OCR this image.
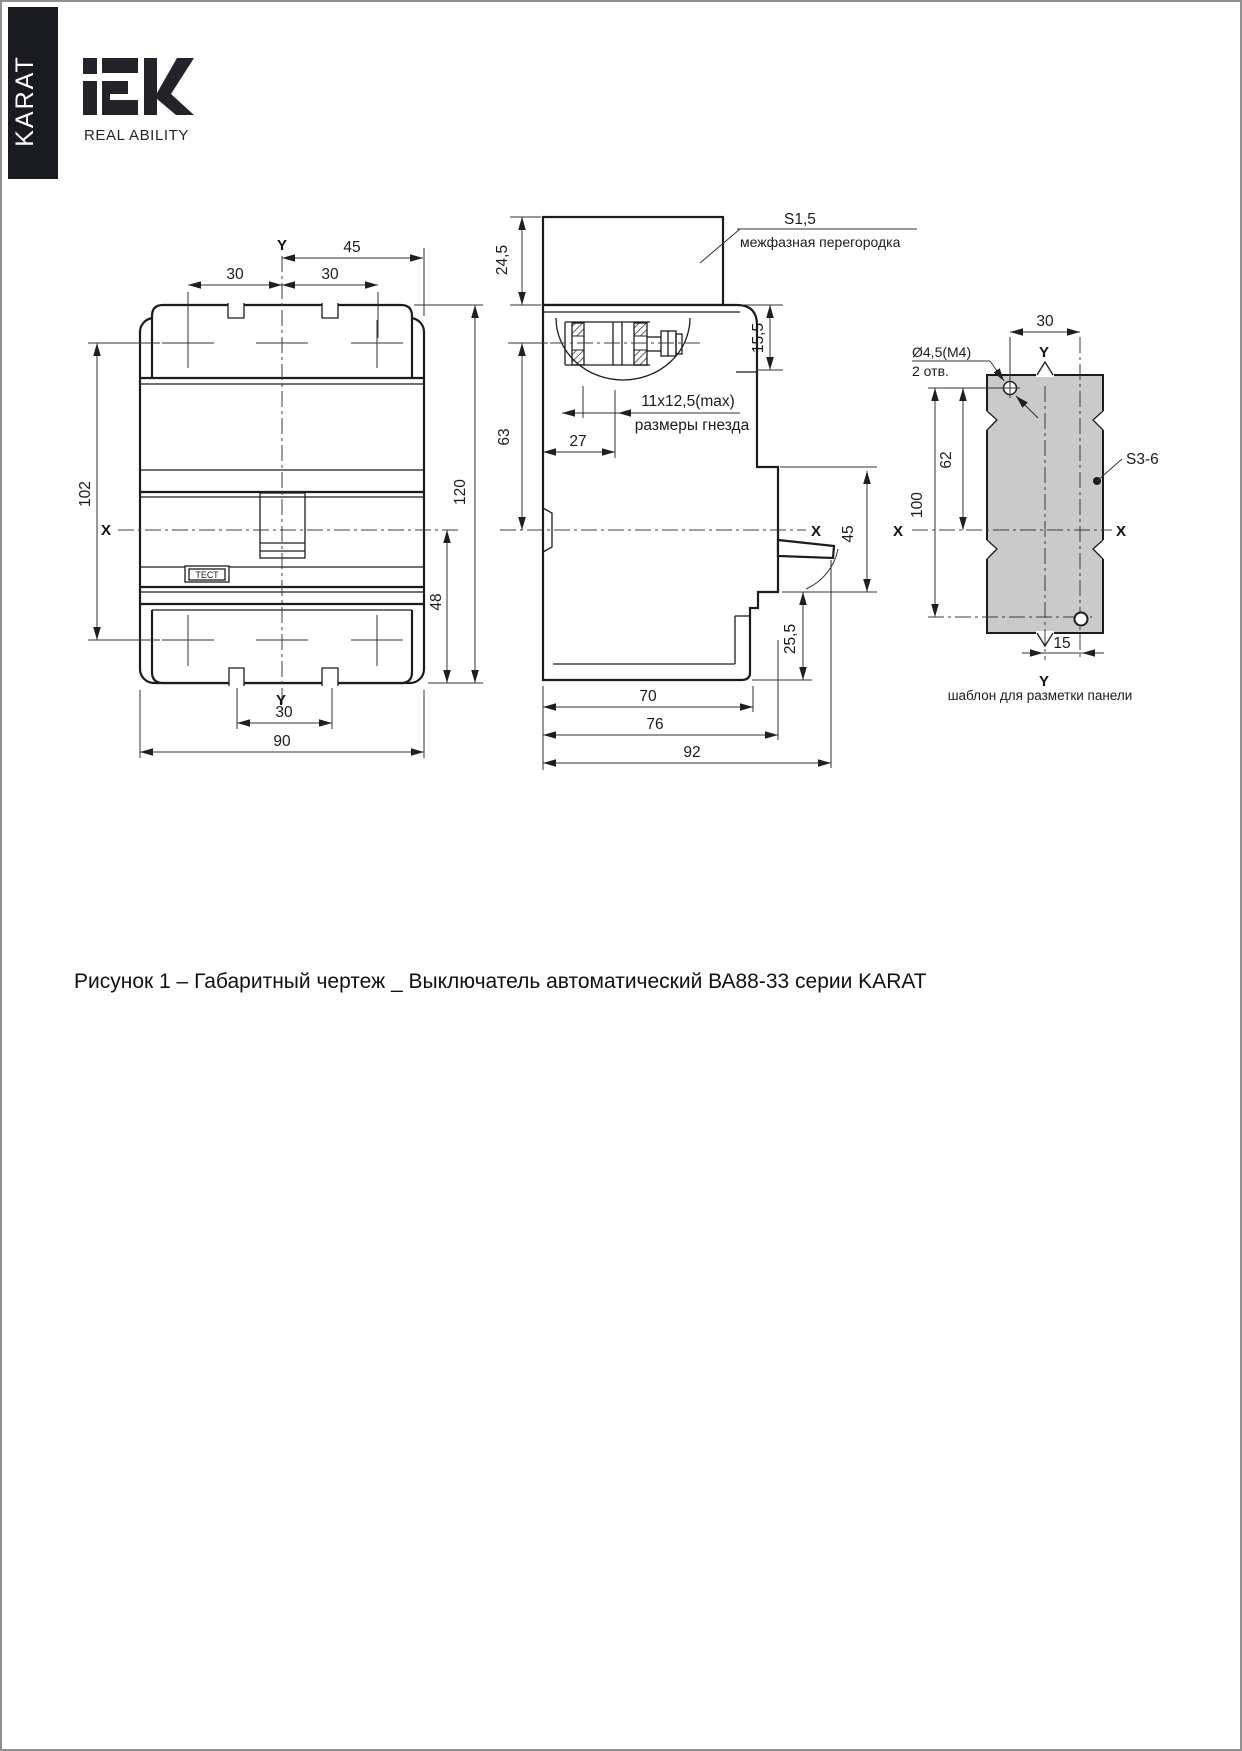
KARAT	REAL ABILITY
ТЕСТ
45
30	30
102	120
48
30
90
Y
Y
X
24,5
S1,5
межфазная перегородка
15,5
63	27
11x12,5(max)
размеры гнезда
45
25,5
70
76
92
X
S3-6
Ø4,5(M4)
2 отв.
30
62
100
15
Y
Y
X	X
шаблон для разметки панели
Рисунок 1 – Габаритный чертеж _ Выключатель автоматический ВА88-33 серии KARAT
